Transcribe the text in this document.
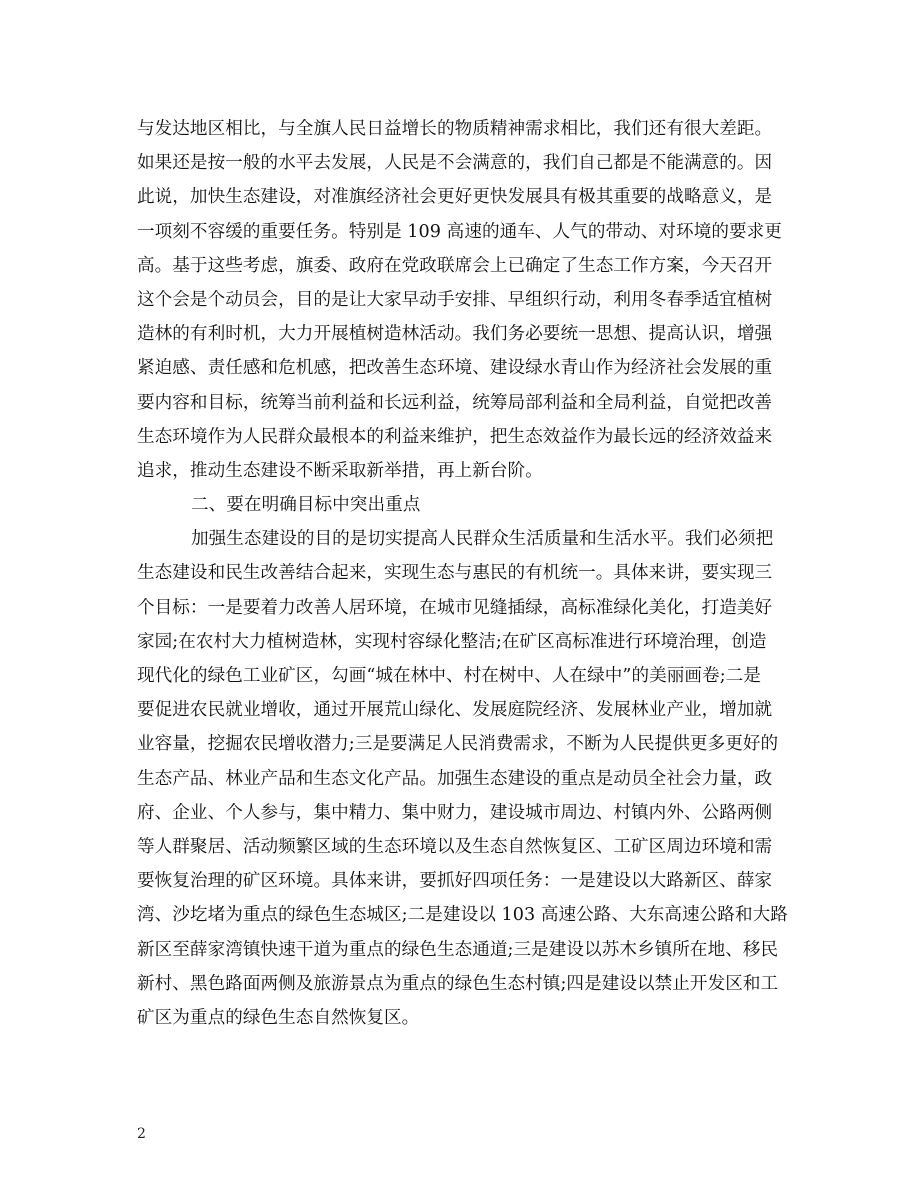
与发达地区相比，与全旗人民日益增长的物质精神需求相比，我们还有很大差距。
如果还是按一般的水平去发展，人民是不会满意的，我们自己都是不能满意的。因
此说，加快生态建设，对准旗经济社会更好更快发展具有极其重要的战略意义，是
一项刻不容缓的重要任务。特别是 109 高速的通车、人气的带动、对环境的要求更
高。基于这些考虑，旗委、政府在党政联席会上已确定了生态工作方案，今天召开
这个会是个动员会，目的是让大家早动手安排、早组织行动，利用冬春季适宜植树
造林的有利时机，大力开展植树造林活动。我们务必要统一思想、提高认识，增强
紧迫感、责任感和危机感，把改善生态环境、建设绿水青山作为经济社会发展的重
要内容和目标，统筹当前利益和长远利益，统筹局部利益和全局利益，自觉把改善
生态环境作为人民群众最根本的利益来维护，把生态效益作为最长远的经济效益来
追求，推动生态建设不断采取新举措，再上新台阶。
二、要在明确目标中突出重点
加强生态建设的目的是切实提高人民群众生活质量和生活水平。我们必须把
生态建设和民生改善结合起来，实现生态与惠民的有机统一。具体来讲，要实现三
个目标：一是要着力改善人居环境，在城市见缝插绿，高标准绿化美化，打造美好
家园;在农村大力植树造林，实现村容绿化整洁;在矿区高标准进行环境治理，创造
现代化的绿色工业矿区，勾画“城在林中、村在树中、人在绿中”的美丽画卷;二是
要促进农民就业增收，通过开展荒山绿化、发展庭院经济、发展林业产业，增加就
业容量，挖掘农民增收潜力;三是要满足人民消费需求，不断为人民提供更多更好的
生态产品、林业产品和生态文化产品。加强生态建设的重点是动员全社会力量，政
府、企业、个人参与，集中精力、集中财力，建设城市周边、村镇内外、公路两侧
等人群聚居、活动频繁区域的生态环境以及生态自然恢复区、工矿区周边环境和需
要恢复治理的矿区环境。具体来讲，要抓好四项任务：一是建设以大路新区、薛家
湾、沙圪堵为重点的绿色生态城区;二是建设以 103 高速公路、大东高速公路和大路
新区至薛家湾镇快速干道为重点的绿色生态通道;三是建设以苏木乡镇所在地、移民
新村、黑色路面两侧及旅游景点为重点的绿色生态村镇;四是建设以禁止开发区和工
矿区为重点的绿色生态自然恢复区。
2
